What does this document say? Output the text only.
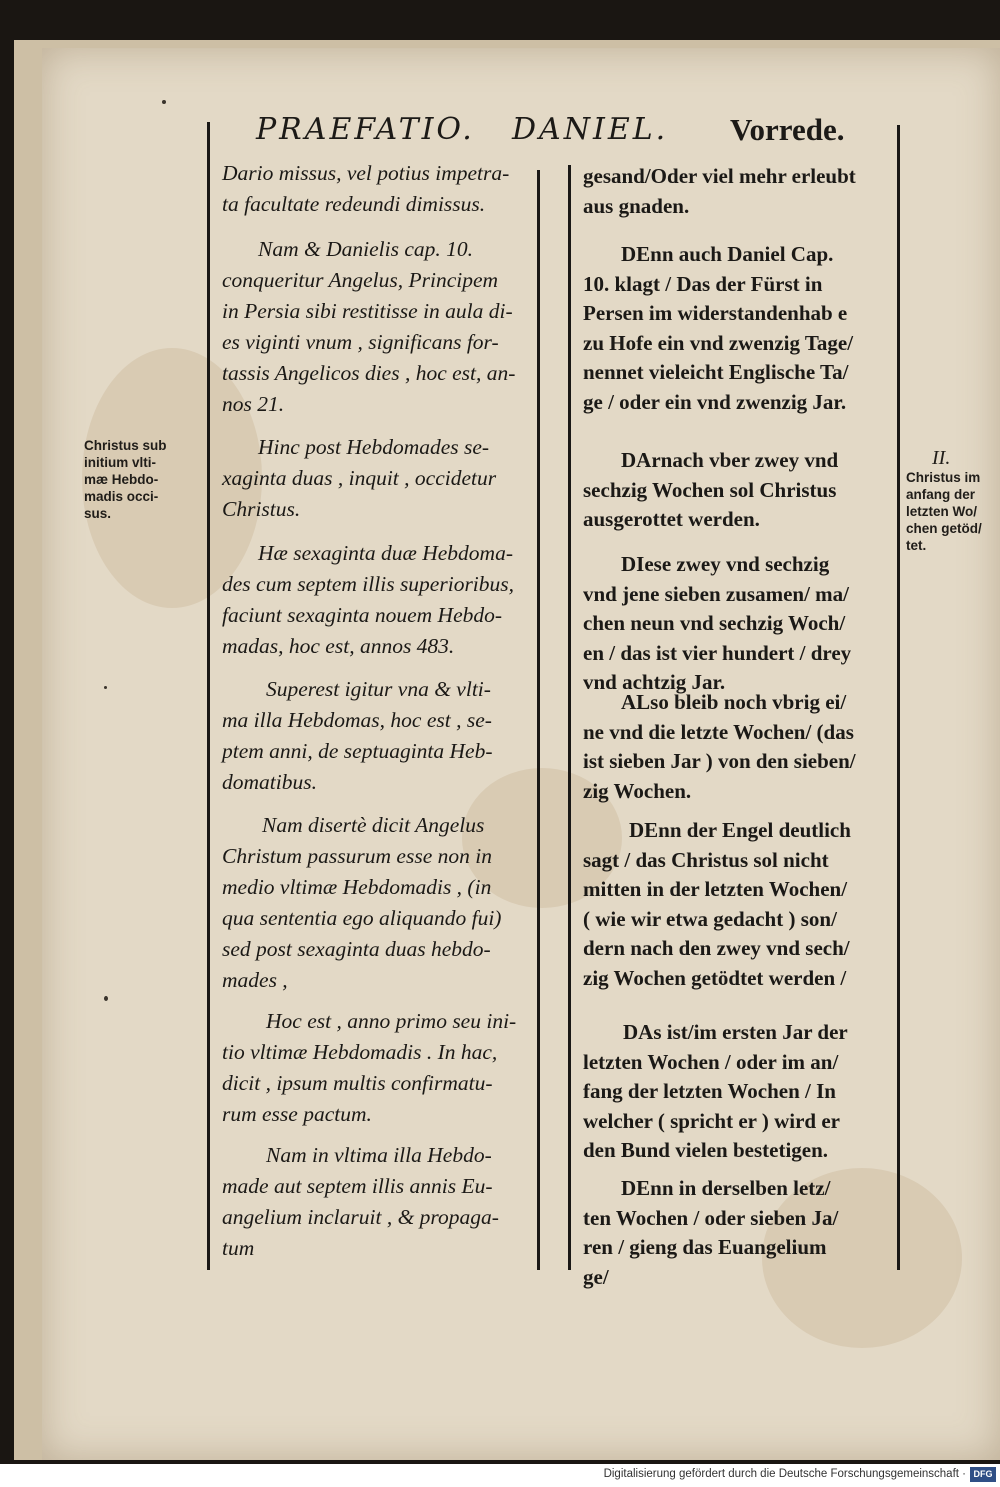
PRAEFATIO. DANIEL. Vorrede.

Dario missus, vel potius impetra-
ta facultate redeundi dimissus.

Nam & Danielis cap. 10.
conqueritur Angelus, Principem
in Persia sibi restitisse in aula di-
es viginti vnum , significans for-
tassis Angelicos dies , hoc est, an-
nos 21.

Hinc post Hebdomades se-
xaginta duas , inquit , occidetur
Christus.

Hæ sexaginta duæ Hebdoma-
des cum septem illis superioribus,
faciunt sexaginta nouem Hebdo-
madas, hoc est, annos 483.

Superest igitur vna & vlti-
ma illa Hebdomas, hoc est , se-
ptem anni, de septuaginta Heb-
domatibus.

Nam disertè dicit Angelus
Christum passurum esse non in
medio vltimæ Hebdomadis , (in
qua sententia ego aliquando fui)
sed post sexaginta duas hebdo-
mades ,

Hoc est , anno primo seu ini-
tio vltimæ Hebdomadis . In hac,
dicit , ipsum multis confirmatu-
rum esse pactum.

Nam in vltima illa Hebdo-
made aut septem illis annis Eu-
angelium inclaruit , & propaga-
tum

gesand/Oder viel mehr erleubt
aus gnaden.

DEnn auch Daniel Cap.
10. klagt / Das der Fürst in
Persen im widerstandenhab e
zu Hofe ein vnd zwenzig Tage/
nennet vieleicht Englische Ta/
ge / oder ein vnd zwenzig Jar.

DArnach vber zwey vnd
sechzig Wochen sol Christus
ausgerottet werden.

DIese zwey vnd sechzig
vnd jene sieben zusamen/ ma/
chen neun vnd sechzig Woch/
en / das ist vier hundert / drey
vnd achtzig Jar.

ALso bleib noch vbrig ei/
ne vnd die letzte Wochen/ (das
ist sieben Jar ) von den sieben/
zig Wochen.

DEnn der Engel deutlich
sagt / das Christus sol nicht
mitten in der letzten Wochen/
( wie wir etwa gedacht ) son/
dern nach den zwey vnd sech/
zig Wochen getödtet werden /

DAs ist/im ersten Jar der
letzten Wochen / oder im an/
fang der letzten Wochen / In
welcher ( spricht er ) wird er
den Bund vielen bestetigen.

DEnn in derselben letz/
ten Wochen / oder sieben Ja/
ren / gieng das Euangelium
ge/

Christus sub
initium vlti-
mæ Hebdo-
madis occi-
sus.
II.
Christus im
anfang der
letzten Wo/
chen getöd/
tet.
Digitalisierung gefördert durch die Deutsche Forschungsgemeinschaft · DFG
